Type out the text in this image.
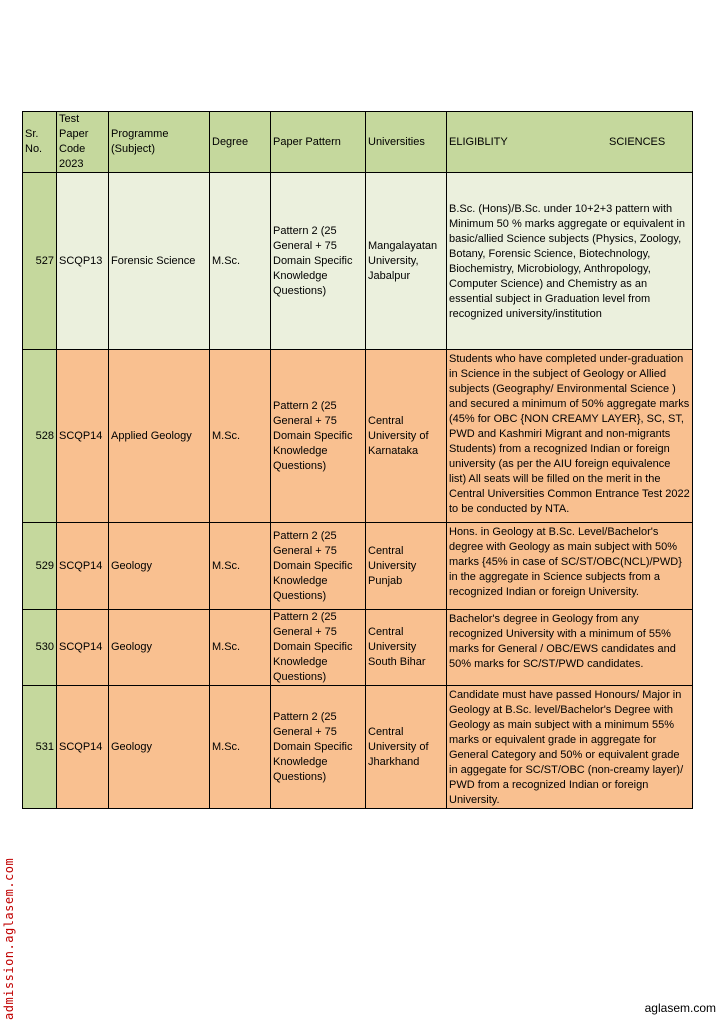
Sr. No.	Test Paper Code 2023	Programme (Subject)	Degree	Paper Pattern	Universities	ELIGIBLITY SCIENCES

527	SCQP13	Forensic Science	M.Sc.	Pattern 2 (25 General + 75 Domain Specific Knowledge Questions)	Mangalayatan University, Jabalpur	B.Sc. (Hons)/B.Sc. under 10+2+3 pattern with Minimum 50 % marks aggregate or equivalent in basic/allied Science subjects (Physics, Zoology, Botany, Forensic Science, Biotechnology, Biochemistry, Microbiology, Anthropology, Computer Science) and Chemistry as an essential subject in Graduation level from recognized university/institution
528	SCQP14	Applied Geology	M.Sc.	Pattern 2 (25 General + 75 Domain Specific Knowledge Questions)	Central University of Karnataka	Students who have completed under-graduation in Science in the subject of Geology or Allied subjects (Geography/ Environmental Science ) and secured a minimum of 50% aggregate marks (45% for OBC {NON CREAMY LAYER}, SC, ST, PWD and Kashmiri Migrant and non-migrants Students) from a recognized Indian or foreign university (as per the AIU foreign equivalence list) All seats will be filled on the merit in the Central Universities Common Entrance Test 2022 to be conducted by NTA.
529	SCQP14	Geology	M.Sc.	Pattern 2 (25 General + 75 Domain Specific Knowledge Questions)	Central University Punjab	Hons. in Geology at B.Sc. Level/Bachelor's degree with Geology as main subject with 50% marks {45% in case of SC/ST/OBC(NCL)/PWD} in the aggregate in Science subjects from a recognized Indian or foreign University.
530	SCQP14	Geology	M.Sc.	Pattern 2 (25 General + 75 Domain Specific Knowledge Questions)	Central University South Bihar	Bachelor's degree in Geology from any recognized University with a minimum of 55% marks for General / OBC/EWS candidates and 50% marks for SC/ST/PWD candidates.
531	SCQP14	Geology	M.Sc.	Pattern 2 (25 General + 75 Domain Specific Knowledge Questions)	Central University of Jharkhand	Candidate must have passed Honours/ Major in Geology at B.Sc. level/Bachelor's Degree with Geology as main subject with a minimum 55% marks or equivalent grade in aggregate for General Category and 50% or equivalent grade in aggegate for SC/ST/OBC (non-creamy layer)/ PWD from a recognized Indian or foreign University.
admission.aglasem.com	aglasem.com
